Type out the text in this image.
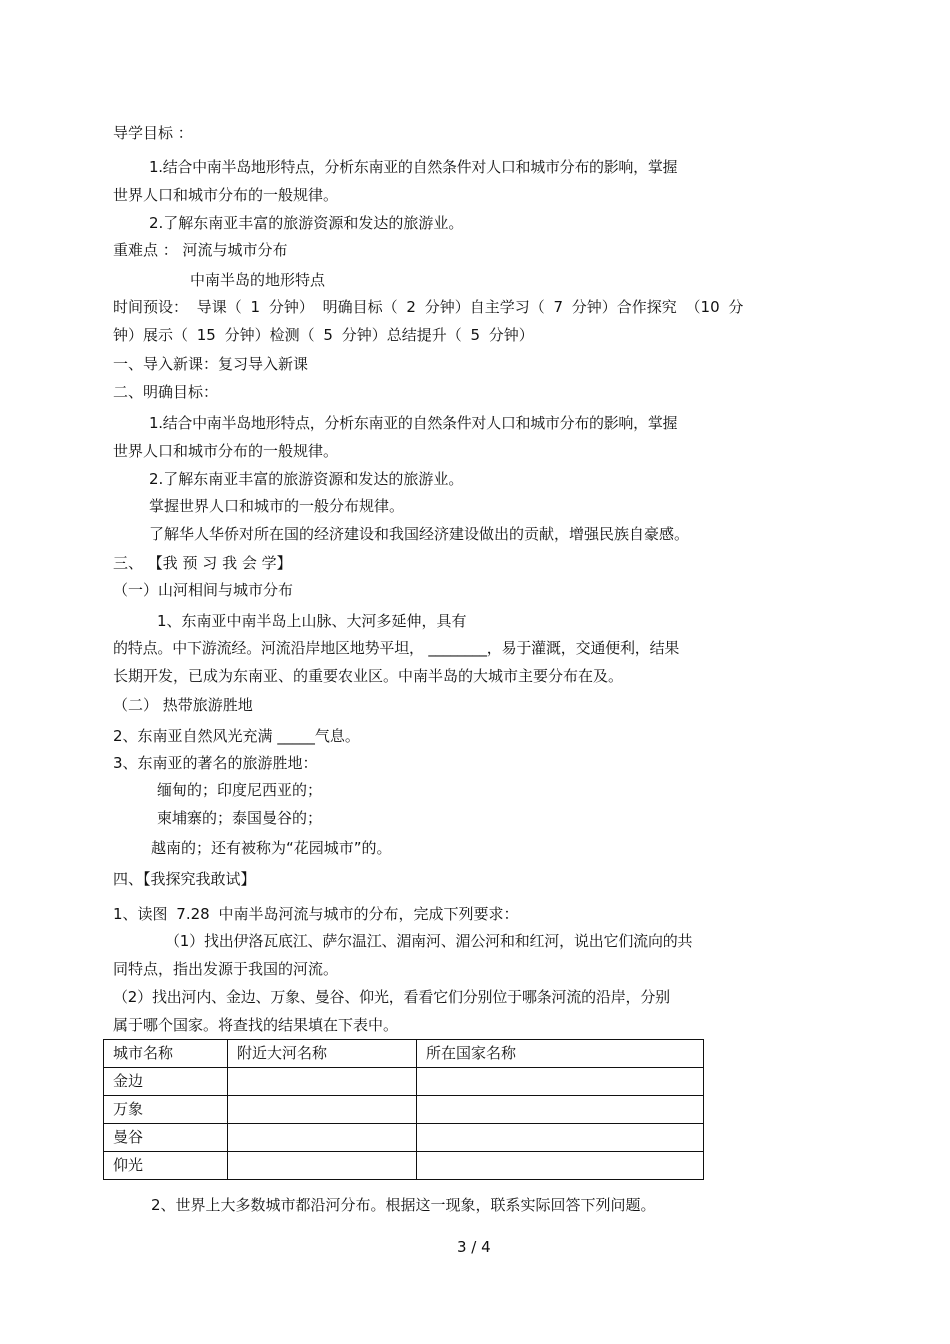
导学目标 ：
1.结合中南半岛地形特点，分析东南亚的自然条件对人口和城市分布的影响，掌握
世界人口和城市分布的一般规律。
2.了解东南亚丰富的旅游资源和发达的旅游业。
重难点 ： 河流与城市分布
中南半岛的地形特点
时间预设： 导课（ 1 分钟） 明确目标（ 2 分钟）自主学习（ 7 分钟）合作探究 （10 分
钟）展示（ 15 分钟）检测（ 5 分钟）总结提升（ 5 分钟）
一、导入新课：复习导入新课
二、明确目标：
1.结合中南半岛地形特点，分析东南亚的自然条件对人口和城市分布的影响，掌握
世界人口和城市分布的一般规律。
2.了解东南亚丰富的旅游资源和发达的旅游业。
掌握世界人口和城市的一般分布规律。
了解华人华侨对所在国的经济建设和我国经济建设做出的贡献，增强民族自豪感。
三、 【我 预 习 我 会 学】
（一）山河相间与城市分布
1、东南亚中南半岛上山脉、大河多延伸，具有
的特点。中下游流经。河流沿岸地区地势平坦， ________，易于灌溉，交通便利，结果
长期开发，已成为东南亚、的重要农业区。中南半岛的大城市主要分布在及。
（二） 热带旅游胜地
2、东南亚自然风光充满 _____气息。
3、东南亚的著名的旅游胜地：
缅甸的；印度尼西亚的；
柬埔寨的；泰国曼谷的；
越南的；还有被称为“花园城市”的。
四、【我探究我敢试】
1、读图 7.28 中南半岛河流与城市的分布，完成下列要求：
（1）找出伊洛瓦底江、萨尔温江、湄南河、湄公河和和红河，说出它们流向的共
同特点，指出发源于我国的河流。
（2）找出河内、金边、万象、曼谷、仰光，看看它们分别位于哪条河流的沿岸，分别
属于哪个国家。将查找的结果填在下表中。
城市名称	附近大河名称	所在国家名称
金边		
万象		
曼谷		
仰光		
2、世界上大多数城市都沿河分布。根据这一现象，联系实际回答下列问题。
3 / 4
